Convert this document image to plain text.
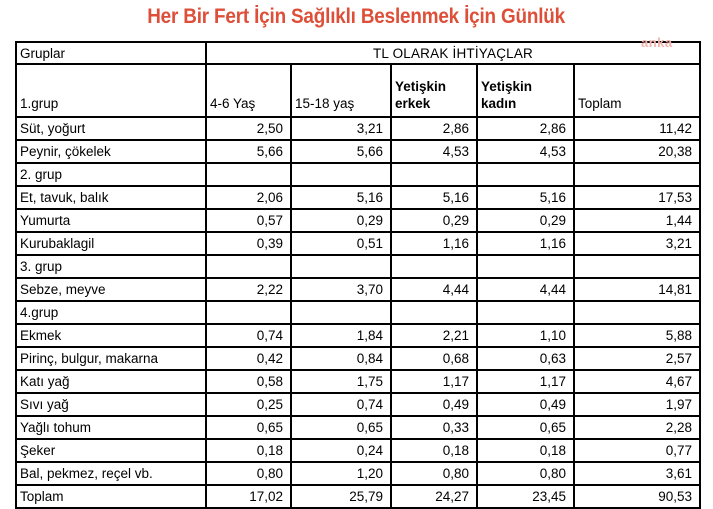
Her Bir Fert İçin Sağlıklı Beslenmek İçin Günlük
anka
Gruplar	TL OLARAK İHTİYAÇLAR				
1.grup	4-6 Yaş	15-18 yaş	Yetişkin erkek	Yetişkin kadın	Toplam
Süt, yoğurt	2,50	3,21	2,86	2,86	11,42
Peynir, çökelek	5,66	5,66	4,53	4,53	20,38
2. grup					
Et, tavuk, balık	2,06	5,16	5,16	5,16	17,53
Yumurta	0,57	0,29	0,29	0,29	1,44
Kurubaklagil	0,39	0,51	1,16	1,16	3,21
3. grup					
Sebze, meyve	2,22	3,70	4,44	4,44	14,81
4.grup					
Ekmek	0,74	1,84	2,21	1,10	5,88
Pirinç, bulgur, makarna	0,42	0,84	0,68	0,63	2,57
Katı yağ	0,58	1,75	1,17	1,17	4,67
Sıvı yağ	0,25	0,74	0,49	0,49	1,97
Yağlı tohum	0,65	0,65	0,33	0,65	2,28
Şeker	0,18	0,24	0,18	0,18	0,77
Bal, pekmez, reçel vb.	0,80	1,20	0,80	0,80	3,61
Toplam	17,02	25,79	24,27	23,45	90,53
